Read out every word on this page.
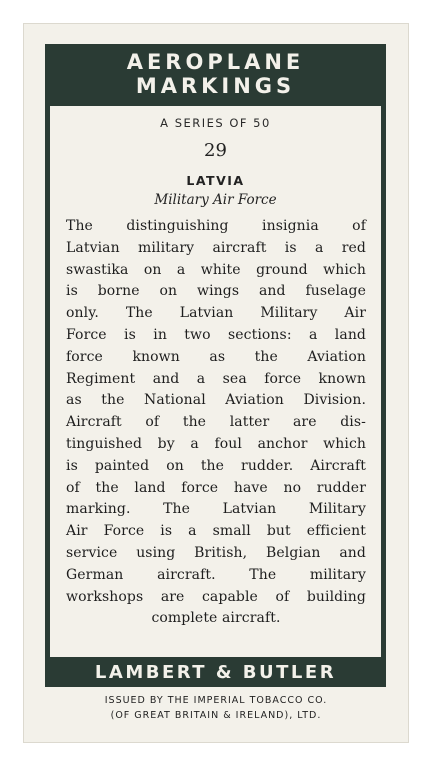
AEROPLANE
MARKINGS
A SERIES OF 50
29
LATVIA
Military Air Force
The distinguishing insignia of
Latvian military aircraft is a red
swastika on a white ground which
is borne on wings and fuselage
only. The Latvian Military Air
Force is in two sections: a land
force known as the Aviation
Regiment and a sea force known
as the National Aviation Division.
Aircraft of the latter are dis-
tinguished by a foul anchor which
is painted on the rudder. Aircraft
of the land force have no rudder
marking. The Latvian Military
Air Force is a small but efficient
service using British, Belgian and
German aircraft. The military
workshops are capable of building
complete aircraft.
LAMBERT & BUTLER
ISSUED BY THE IMPERIAL TOBACCO CO.
(OF GREAT BRITAIN & IRELAND), LTD.
